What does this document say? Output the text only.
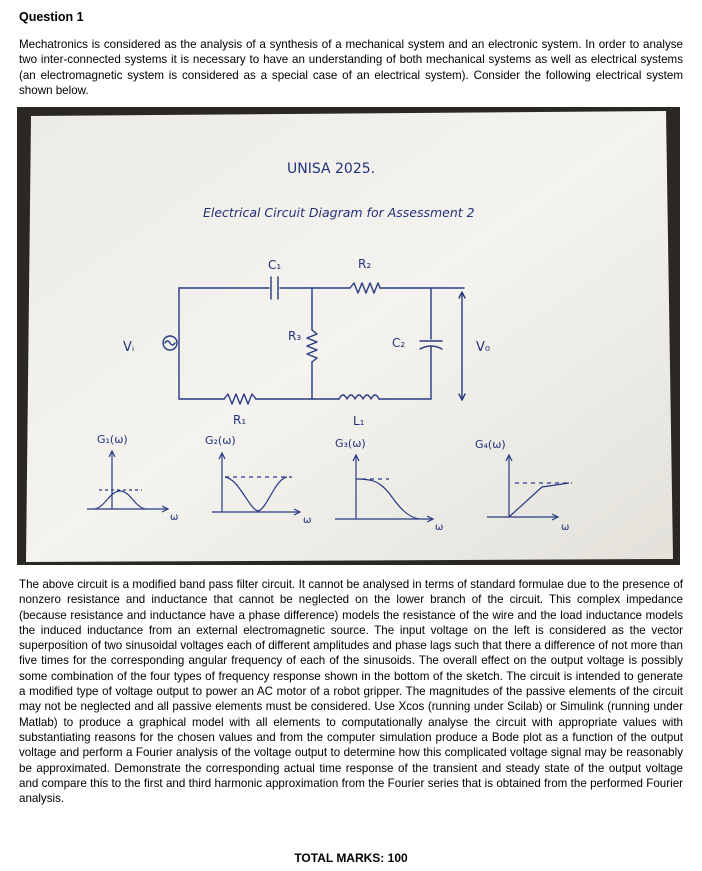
Question 1

Mechatronics is considered as the analysis of a synthesis of a mechanical system and an electronic system. In order to analyse two inter-connected systems it is necessary to have an understanding of both mechanical systems as well as electrical systems (an electromagnetic system is considered as a special case of an electrical system). Consider the following electrical system shown below.

UNISA 2025.
Electrical Circuit Diagram for Assessment 2
Vᵢ	V₀
C₁	R₂
R₃	C₂
R₁	L₁
G₁(ω)	G₂(ω)	G₃(ω)	G₄(ω)
ω	ω
ω	ω

The above circuit is a modified band pass filter circuit. It cannot be analysed in terms of standard formulae due to the presence of nonzero resistance and inductance that cannot be neglected on the lower branch of the circuit. This complex impedance (because resistance and inductance have a phase difference) models the resistance of the wire and the load inductance models the induced inductance from an external electromagnetic source. The input voltage on the left is considered as the vector superposition of two sinusoidal voltages each of different amplitudes and phase lags such that there a difference of not more than five times for the corresponding angular frequency of each of the sinusoids. The overall effect on the output voltage is possibly some combination of the four types of frequency response shown in the bottom of the sketch. The circuit is intended to generate a modified type of voltage output to power an AC motor of a robot gripper. The magnitudes of the passive elements of the circuit may not be neglected and all passive elements must be considered. Use Xcos (running under Scilab) or Simulink (running under Matlab) to produce a graphical model with all elements to computationally analyse the circuit with appropriate values with substantiating reasons for the chosen values and from the computer simulation produce a Bode plot as a function of the output voltage and perform a Fourier analysis of the voltage output to determine how this complicated voltage signal may be reasonably be approximated. Demonstrate the corresponding actual time response of the transient and steady state of the output voltage and compare this to the first and third harmonic approximation from the Fourier series that is obtained from the performed Fourier analysis.

TOTAL MARKS: 100
